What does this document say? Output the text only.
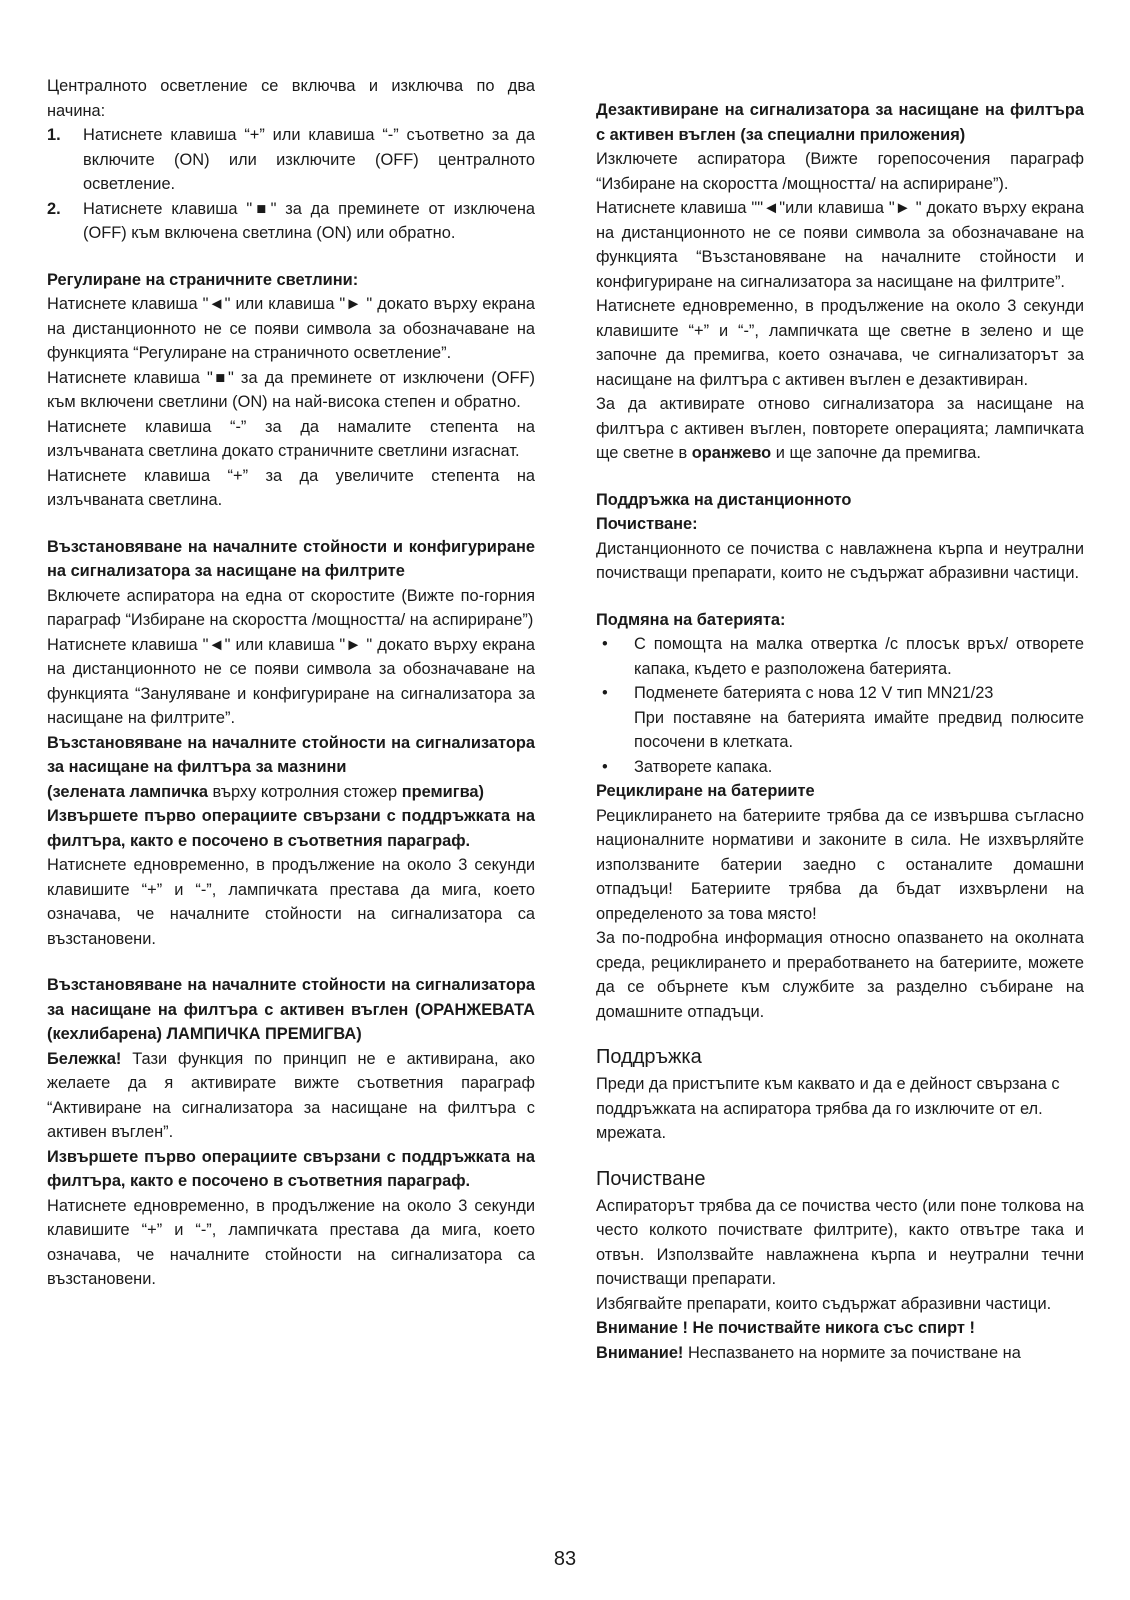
Централното осветление се включва и изключва по два начина:

1.	Натиснете клавиша “+” или клавиша “-” съответно за да включите (ON) или изключите (OFF) централното осветление.
2.	Натиснете клавиша "■" за да преминете от изключена (OFF) към включена светлина (ON) или обратно.

Регулиране на страничните светлини:

Натиснете клавиша "◄" или клавиша "► " докато върху екрана на дистанционното не се появи символа за обозначаване на функцията “Регулиране на страничното осветление”.

Натиснете клавиша "■" за да преминете от изключени (OFF) към включени светлини (ON) на най-висока степен и обратно.

Натиснете клавиша “-” за да намалите степента на излъчваната светлина докато страничните светлини изгаснат.

Натиснете клавиша “+” за да увеличите степента на излъчваната светлина.

Възстановяване на началните стойности и конфигуриране на сигнализатора за насищане на филтрите

Включете аспиратора на една от скоростите (Вижте по-горния параграф “Избиране на скоростта /мощността/ на аспириране”)

Натиснете клавиша "◄" или клавиша "► " докато върху екрана на дистанционното не се появи символа за обозначаване на функцията “Зануляване и конфигуриране на сигнализатора за насищане на филтрите”.

Възстановяване на началните стойности на сигнализатора за насищане на филтъра за мазнини

(зелената лампичка върху котролния стожер премигва)

Извършете първо операциите свързани с поддръжката на филтъра, както е посочено в съответния параграф.

Натиснете едновременно, в продължение на около 3 секунди клавишите “+” и “-”, лампичката престава да мига, което означава, че началните стойности на сигнализатора са възстановени.

Възстановяване на началните стойности на сигнализатора за насищане на филтъра с активен въглен (ОРАНЖЕВАТА (кехлибарена) ЛАМПИЧКА ПРЕМИГВА)

Бележка! Тази функция по принцип не е активирана, ако желаете да я активирате вижте съответния параграф “Активиране на сигнализатора за насищане на филтъра с активен въглен”.

Извършете първо операциите свързани с поддръжката на филтъра, както е посочено в съответния параграф.

Натиснете едновременно, в продължение на около 3 секунди клавишите “+” и “-”, лампичката престава да мига, което означава, че началните стойности на сигнализатора са възстановени.

Дезактивиране на сигнализатора за насищане на филтъра с активен въглен (за специални приложения)

Изключете аспиратора (Вижте горепосочения параграф “Избиране на скоростта /мощността/ на аспириране”).

Натиснете клавиша ""◄"или клавиша "► " докато върху екрана на дистанционното не се появи символа за обозначаване на функцията “Възстановяване на началните стойности и конфигуриране на сигнализатора за насищане на филтрите”.

Натиснете едновременно, в продължение на около 3 секунди клавишите “+” и “-”, лампичката ще светне в зелено и ще започне да премигва, което означава, че сигнализаторът за насищане на филтъра с активен въглен е дезактивиран.

За да активирате отново сигнализатора за насищане на филтъра с активен въглен, повторете операцията; лампичката ще светне в оранжево и ще започне да премигва.

Поддръжка на дистанционното

Почистване:

Дистанционното се почиства с навлажнена кърпа и неутрални почистващи препарати, които не съдържат абразивни частици.

Подмяна на батерията:

•	С помощта на малка отвертка /с плосък връх/ отворете капака, където е разположена батерията.
•	Подменете батерията с нова 12 V тип MN21/23

При поставяне на батерията имайте предвид полюсите посочени в клетката.

•	Затворете капака.

Рециклиране на батериите

Рециклирането на батериите трябва да се извършва съгласно националните нормативи и законите в сила. Не изхвърляйте използваните батерии заедно с останалите домашни отпадъци! Батериите трябва да бъдат изхвърлени на определеното за това място!

За по-подробна информация относно опазването на околната среда, рециклирането и преработването на батериите, можете да се обърнете към службите за разделно събиране на домашните отпадъци.

Поддръжка

Преди да пристъпите към каквато и да е дейност свързана с поддръжката на аспиратора трябва да го изключите от ел. мрежата.

Почистване

Аспираторът трябва да се почиства често (или поне толкова на често колкото почиствате филтрите), както отвътре така и отвън. Използвайте навлажнена кърпа и неутрални течни почистващи препарати.

Избягвайте препарати, които съдържат абразивни частици.

Внимание ! Не почиствайте никога със спирт !

Внимание! Неспазването на нормите за почистване на

83
